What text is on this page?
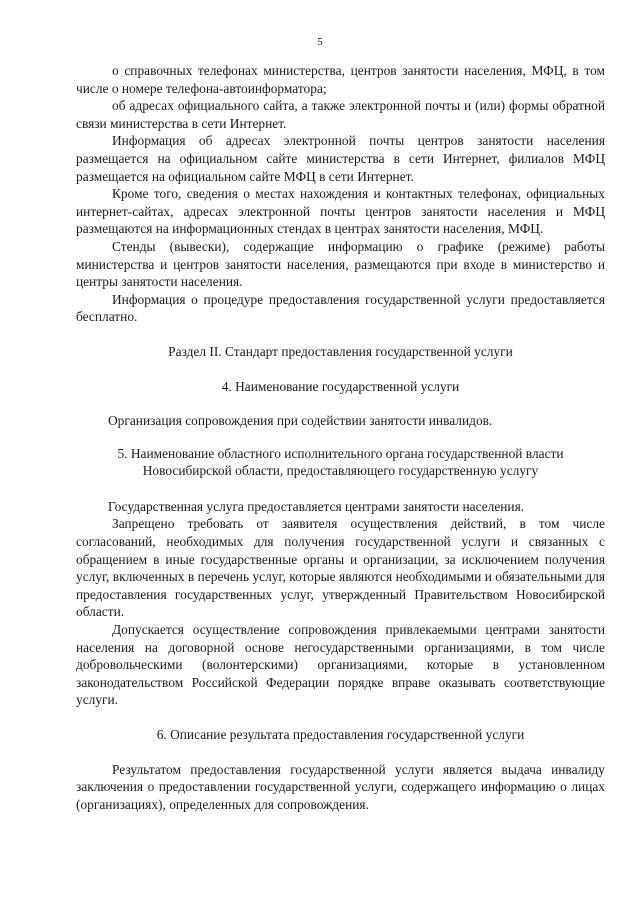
5

о справочных телефонах министерства, центров занятости населения, МФЦ, в том числе о номере телефона-автоинформатора;

об адресах официального сайта, а также электронной почты и (или) формы обратной связи министерства в сети Интернет.

Информация об адресах электронной почты центров занятости населения размещается на официальном сайте министерства в сети Интернет, филиалов МФЦ размещается на официальном сайте МФЦ в сети Интернет.

Кроме того, сведения о местах нахождения и контактных телефонах, официальных интернет-сайтах, адресах электронной почты центров занятости населения и МФЦ размещаются на информационных стендах в центрах занятости населения, МФЦ.

Стенды (вывески), содержащие информацию о графике (режиме) работы министерства и центров занятости населения, размещаются при входе в министерство и центры занятости населения.

Информация о процедуре предоставления государственной услуги предоставляется бесплатно.

Раздел II. Стандарт предоставления государственной услуги

4. Наименование государственной услуги

Организация сопровождения при содействии занятости инвалидов.

5. Наименование областного исполнительного органа государственной власти

Новосибирской области, предоставляющего государственную услугу

Государственная услуга предоставляется центрами занятости населения.

Запрещено требовать от заявителя осуществления действий, в том числе согласований, необходимых для получения государственной услуги и связанных с обращением в иные государственные органы и организации, за исключением получения услуг, включенных в перечень услуг, которые являются необходимыми и обязательными для предоставления государственных услуг, утвержденный Правительством Новосибирской области.

Допускается осуществление сопровождения привлекаемыми центрами занятости населения на договорной основе негосударственными организациями, в том числе добровольческими (волонтерскими) организациями, которые в установленном законодательством Российской Федерации порядке вправе оказывать соответствующие услуги.

6. Описание результата предоставления государственной услуги

Результатом предоставления государственной услуги является выдача инвалиду заключения о предоставлении государственной услуги, содержащего информацию о лицах (организациях), определенных для сопровождения.
